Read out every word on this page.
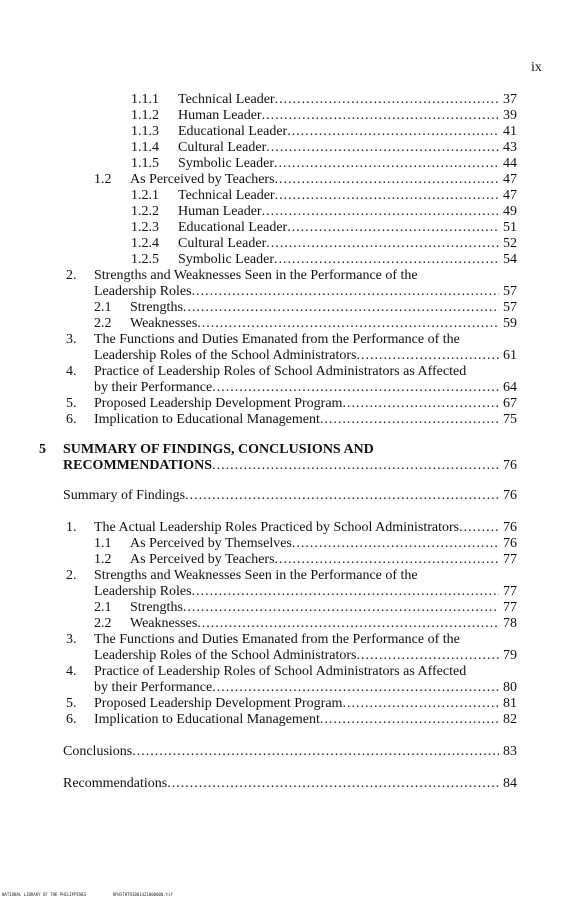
ix
1.1.1 Technical Leader .....	37
1.1.2 Human Leader .....	39
1.1.3 Educational Leader .....	41
1.1.4 Cultural Leader .....	43
1.1.5 Symbolic Leader .....	44
1.2 As Perceived by Teachers .....	47
1.2.1 Technical Leader .....	47
1.2.2 Human Leader .....	49
1.2.3 Educational Leader .....	51
1.2.4 Cultural Leader .....	52
1.2.5 Symbolic Leader .....	54
2. Strengths and Weaknesses Seen in the Performance of the
Leadership Roles .....	57
2.1 Strengths .....	57
2.2 Weaknesses .....	59
3. The Functions and Duties Emanated from the Performance of the
Leadership Roles of the School Administrators .....	61
4. Practice of Leadership Roles of School Administrators as Affected
by their Performance .....	64
5. Proposed Leadership Development Program .....	67
6. Implication to Educational Management .....	75
5 SUMMARY OF FINDINGS, CONCLUSIONS AND
RECOMMENDATIONS .....	76
Summary of Findings .....	76
1. The Actual Leadership Roles Practiced by School Administrators .....	76
1.1 As Perceived by Themselves .....	76
1.2 As Perceived by Teachers .....	77
2. Strengths and Weaknesses Seen in the Performance of the
Leadership Roles .....	77
2.1 Strengths .....	77
2.2 Weaknesses .....	78
3. The Functions and Duties Emanated from the Performance of the
Leadership Roles of the School Administrators .....	79
4. Practice of Leadership Roles of School Administrators as Affected
by their Performance .....	80
5. Proposed Leadership Development Program .....	81
6. Implication to Educational Management .....	82
Conclusions .....	83
Recommendations .....	84
NATIONAL LIBRARY OF THE PHILIPPINES	RPUSTHTH10014Z1000000.tif
